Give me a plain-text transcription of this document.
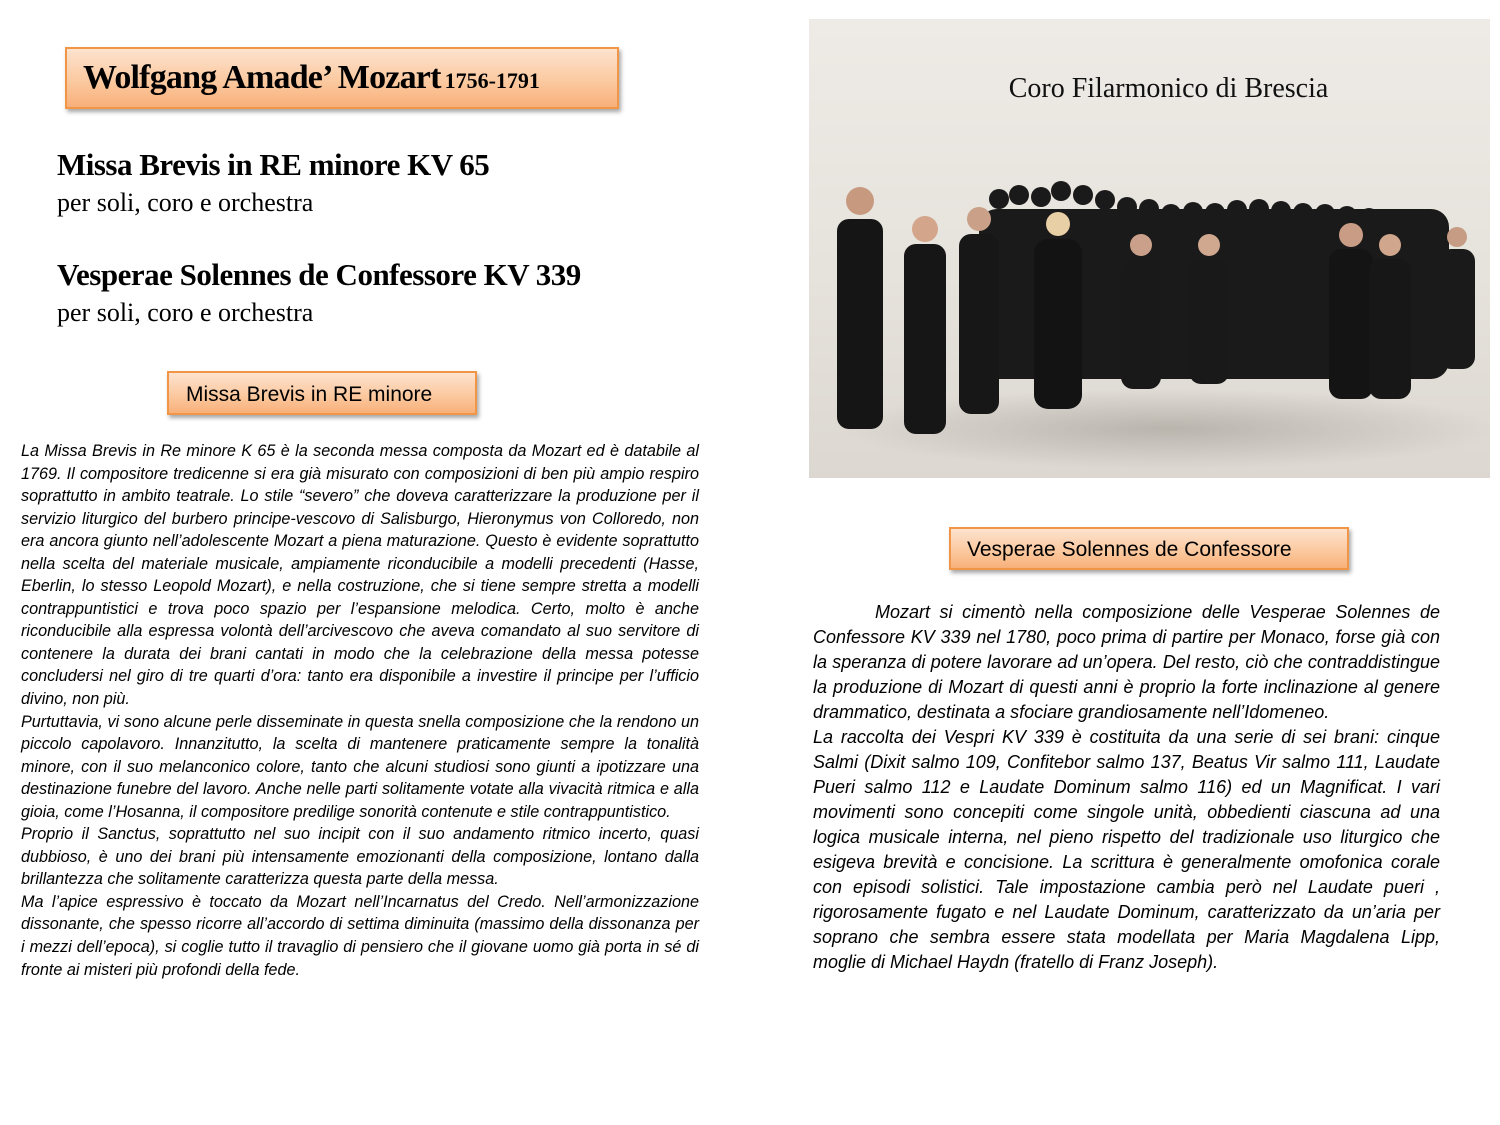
Wolfgang Amade’ Mozart 1756-1791
Missa Brevis in RE minore KV 65
per soli, coro e orchestra
Vesperae Solennes de Confessore KV 339
per soli, coro e orchestra
Missa Brevis in RE minore

La Missa Brevis in Re minore K 65 è la seconda messa composta da Mozart ed è databile al 1769. Il compositore tredicenne si era già misurato con composizioni di ben più ampio respiro soprattutto in ambito teatrale. Lo stile “severo” che doveva caratterizzare la produzione per il servizio liturgico del burbero principe-vescovo di Salisburgo, Hieronymus von Colloredo, non era ancora giunto nell’adolescente Mozart a piena maturazione. Questo è evidente soprattutto nella scelta del materiale musicale, ampiamente riconducibile a modelli precedenti (Hasse, Eberlin, lo stesso Leopold Mozart), e nella costruzione, che si tiene sempre stretta a modelli contrappuntistici e trova poco spazio per l’espansione melodica. Certo, molto è anche riconducibile alla espressa volontà dell’arcivescovo che aveva comandato al suo servitore di contenere la durata dei brani cantati in modo che la celebrazione della messa potesse concludersi nel giro di tre quarti d’ora: tanto era disponibile a investire il principe per l’ufficio divino, non più.

Purtuttavia, vi sono alcune perle disseminate in questa snella composizione che la rendono un piccolo capolavoro. Innanzitutto, la scelta di mantenere praticamente sempre la tonalità minore, con il suo melanconico colore, tanto che alcuni studiosi sono giunti a ipotizzare una destinazione funebre del lavoro. Anche nelle parti solitamente votate alla vivacità ritmica e alla gioia, come l’Hosanna, il compositore predilige sonorità contenute e stile contrappuntistico.

Proprio il Sanctus, soprattutto nel suo incipit con il suo andamento ritmico incerto, quasi dubbioso, è uno dei brani più intensamente emozionanti della composizione, lontano dalla brillantezza che solitamente caratterizza questa parte della messa.

Ma l’apice espressivo è toccato da Mozart nell’Incarnatus del Credo. Nell’armonizzazione dissonante, che spesso ricorre all’accordo di settima diminuita (massimo della dissonanza per i mezzi dell’epoca), si coglie tutto il travaglio di pensiero che il giovane uomo già porta in sé di fronte ai misteri più profondi della fede.

Coro Filarmonico di Brescia
Vesperae Solennes de Confessore

Mozart si cimentò nella composizione delle Vesperae Solennes de Confessore KV 339 nel 1780, poco prima di partire per Monaco, forse già con la speranza di potere lavorare ad un’opera. Del resto, ciò che contraddistingue la produzione di Mozart di questi anni è proprio la forte inclinazione al genere drammatico, destinata a sfociare grandiosamente nell’Idomeneo.

La raccolta dei Vespri KV 339 è costituita da una serie di sei brani: cinque Salmi (Dixit salmo 109, Confitebor salmo 137, Beatus Vir salmo 111, Laudate Pueri salmo 112 e Laudate Dominum salmo 116) ed un Magnificat. I vari movimenti sono concepiti come singole unità, obbedienti ciascuna ad una logica musicale interna, nel pieno rispetto del tradizionale uso liturgico che esigeva brevità e concisione. La scrittura è generalmente omofonica corale con episodi solistici. Tale impostazione cambia però nel Laudate pueri , rigorosamente fugato e nel Laudate Dominum, caratterizzato da un’aria per soprano che sembra essere stata modellata per Maria Magdalena Lipp, moglie di Michael Haydn (fratello di Franz Joseph).
